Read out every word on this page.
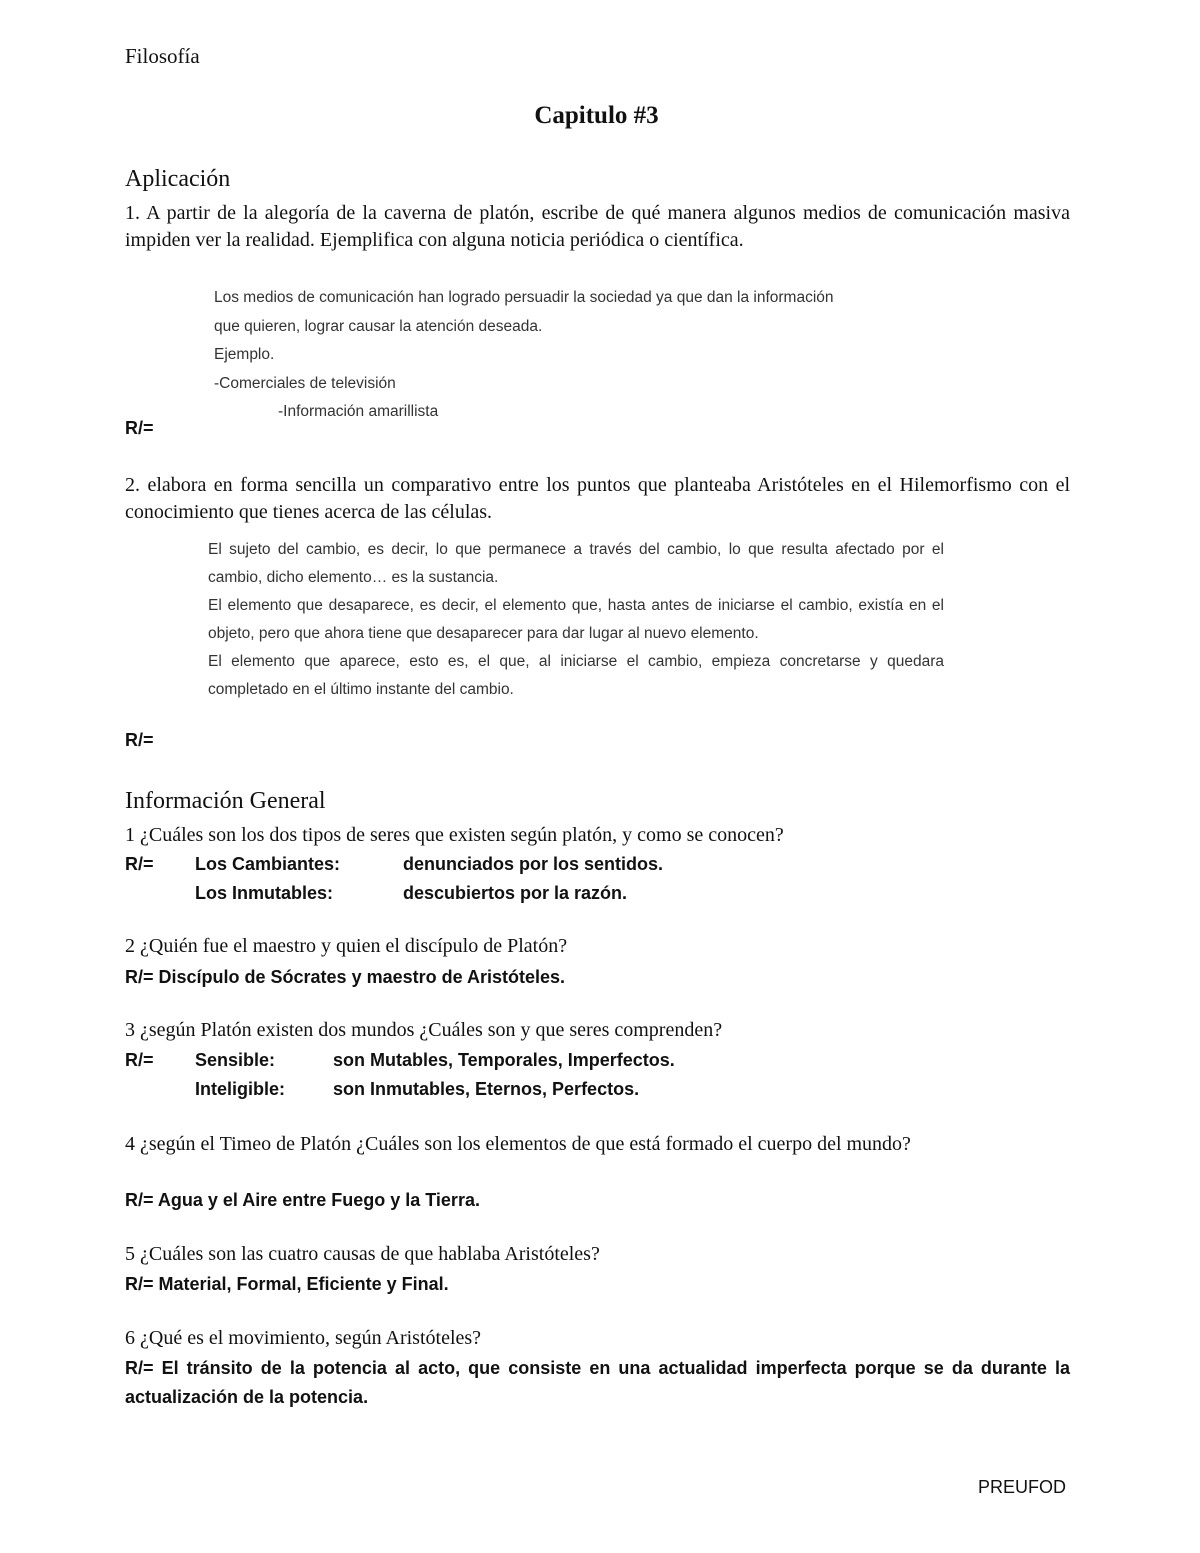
Filosofía
Capitulo #3
Aplicación
1. A partir de la alegoría de la caverna de platón, escribe de qué manera algunos medios de comunicación masiva impiden ver la realidad. Ejemplifica con alguna noticia periódica o científica.
Los medios de comunicación han logrado persuadir la sociedad ya que dan la información
que quieren, lograr causar la atención deseada.
Ejemplo.
-Comerciales de televisión
-Información amarillista
R/=
2. elabora en forma sencilla un comparativo entre los puntos que planteaba Aristóteles en el Hilemorfismo con el conocimiento que tienes acerca de las células.
El sujeto del cambio, es decir, lo que permanece a través del cambio, lo que resulta afectado por el cambio, dicho elemento… es la sustancia.
El elemento que desaparece, es decir, el elemento que, hasta antes de iniciarse el cambio, existía en el objeto, pero que ahora tiene que desaparecer para dar lugar al nuevo elemento.
El elemento que aparece, esto es, el que, al iniciarse el cambio, empieza concretarse y quedara completado en el último instante del cambio.
R/=
Información General
1 ¿Cuáles son los dos tipos de seres que existen según platón, y como se conocen?
R/= Los Cambiantes:	denunciados por los sentidos.
Los Inmutables:	descubiertos por la razón.
2 ¿Quién fue el maestro y quien el discípulo de Platón?
R/= Discípulo de Sócrates y maestro de Aristóteles.
3 ¿según Platón existen dos mundos ¿Cuáles son y que seres comprenden?
R/= Sensible:	son Mutables, Temporales, Imperfectos.
Inteligible:	son Inmutables, Eternos, Perfectos.
4 ¿según el Timeo de Platón ¿Cuáles son los elementos de que está formado el cuerpo del mundo?
R/= Agua y el Aire entre Fuego y la Tierra.
5 ¿Cuáles son las cuatro causas de que hablaba Aristóteles?
R/= Material, Formal, Eficiente y Final.
6 ¿Qué es el movimiento, según Aristóteles?
R/= El tránsito de la potencia al acto, que consiste en una actualidad imperfecta porque se da durante la actualización de la potencia.
PREUFOD
